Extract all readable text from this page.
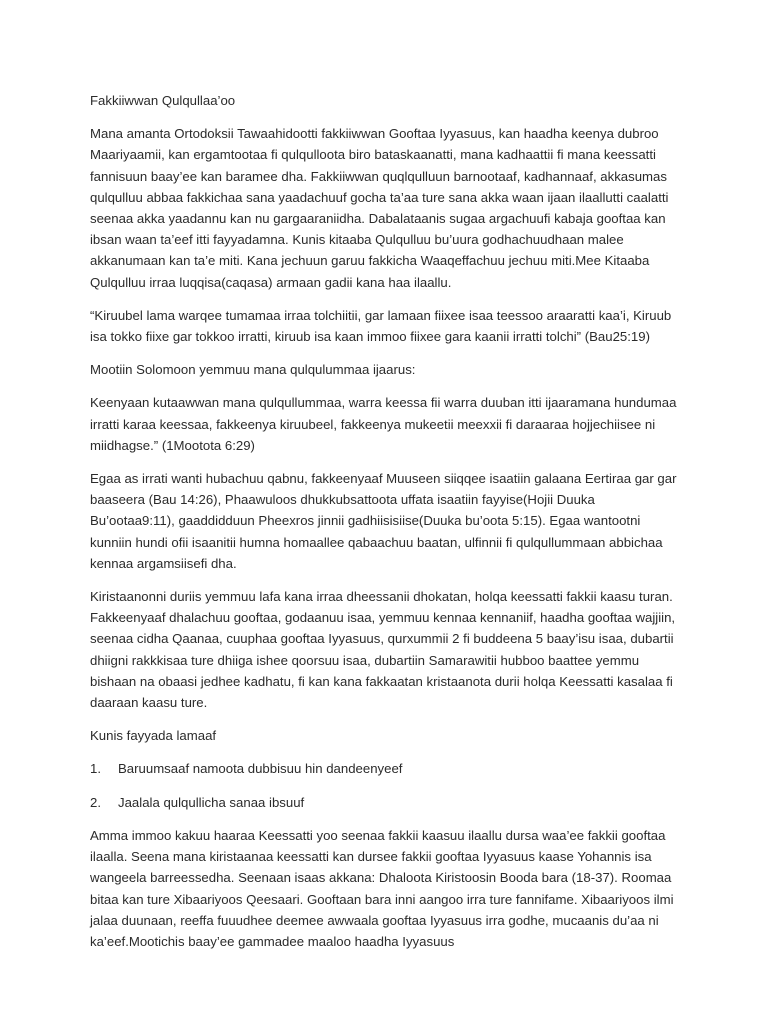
Fakkiiwwan Qulqullaa’oo

Mana amanta Ortodoksii Tawaahidootti fakkiiwwan Gooftaa Iyyasuus, kan haadha keenya dubroo Maariyaamii, kan ergamtootaa fi qulqulloota biro bataskaanatti, mana kadhaattii fi mana keessatti fannisuun baay’ee kan baramee dha. Fakkiiwwan quqlqulluun barnootaaf, kadhannaaf, akkasumas qulqulluu abbaa fakkichaa sana yaadachuuf gocha ta’aa ture sana akka waan ijaan ilaallutti caalatti seenaa akka yaadannu kan nu gargaaraniidha. Dabalataanis sugaa argachuufi kabaja gooftaa kan ibsan waan ta’eef itti fayyadamna. Kunis kitaaba Qulqulluu bu’uura godhachuudhaan malee akkanumaan kan ta’e miti. Kana jechuun garuu fakkicha Waaqeffachuu jechuu miti.Mee Kitaaba Qulqulluu irraa luqqisa(caqasa) armaan gadii kana haa ilaallu.

“Kiruubel lama warqee tumamaa irraa tolchiitii, gar lamaan fiixee isaa teessoo araaratti kaa’i, Kiruub isa tokko fiixe gar tokkoo irratti, kiruub isa kaan immoo fiixee gara kaanii irratti tolchi” (Bau25:19)

Mootiin Solomoon yemmuu mana qulqulummaa ijaarus:

Keenyaan kutaawwan mana qulqullummaa, warra keessa fii warra duuban itti ijaaramana hundumaa irratti karaa keessaa, fakkeenya kiruubeel, fakkeenya mukeetii meexxii fi daraaraa hojjechiisee ni miidhagse.” (1Mootota 6:29)

Egaa as irrati wanti hubachuu qabnu, fakkeenyaaf Muuseen siiqqee isaatiin galaana Eertiraa gar gar baaseera (Bau 14:26), Phaawuloos dhukkubsattoota uffata isaatiin fayyise(Hojii Duuka Bu’ootaa9:11), gaaddidduun Pheexros jinnii gadhiisisiise(Duuka bu’oota 5:15). Egaa wantootni kunniin hundi ofii isaanitii humna homaallee qabaachuu baatan, ulfinnii fi qulqullummaan abbichaa kennaa argamsiisefi dha.

Kiristaanonni duriis yemmuu lafa kana irraa dheessanii dhokatan, holqa keessatti fakkii kaasu turan. Fakkeenyaaf dhalachuu gooftaa, godaanuu isaa, yemmuu kennaa kennaniif, haadha gooftaa wajjiin, seenaa cidha Qaanaa, cuuphaa gooftaa Iyyasuus, qurxummii 2 fi buddeena 5 baay’isu isaa, dubartii dhiigni rakkkisaa ture dhiiga ishee qoorsuu isaa, dubartiin Samarawitii hubboo baattee yemmu bishaan na obaasi jedhee kadhatu, fi kan kana fakkaatan kristaanota durii holqa Keessatti kasalaa fi daaraan kaasu ture.

Kunis fayyada lamaaf

1.	Baruumsaaf namoota dubbisuu hin dandeenyeef
2.	Jaalala qulqullicha sanaa ibsuuf

Amma immoo kakuu haaraa Keessatti yoo seenaa fakkii kaasuu ilaallu dursa waa’ee fakkii gooftaa ilaalla. Seena mana kiristaanaa keessatti kan dursee fakkii gooftaa Iyyasuus kaase Yohannis isa wangeela barreessedha. Seenaan isaas akkana: Dhaloota Kiristoosin Booda bara (18-37). Roomaa bitaa kan ture Xibaariyoos Qeesaari. Gooftaan bara inni aangoo irra ture fannifame. Xibaariyoos ilmi jalaa duunaan, reeffa fuuudhee deemee awwaala gooftaa Iyyasuus irra godhe, mucaanis du’aa ni ka’eef.Mootichis baay’ee gammadee maaloo haadha Iyyasuus
